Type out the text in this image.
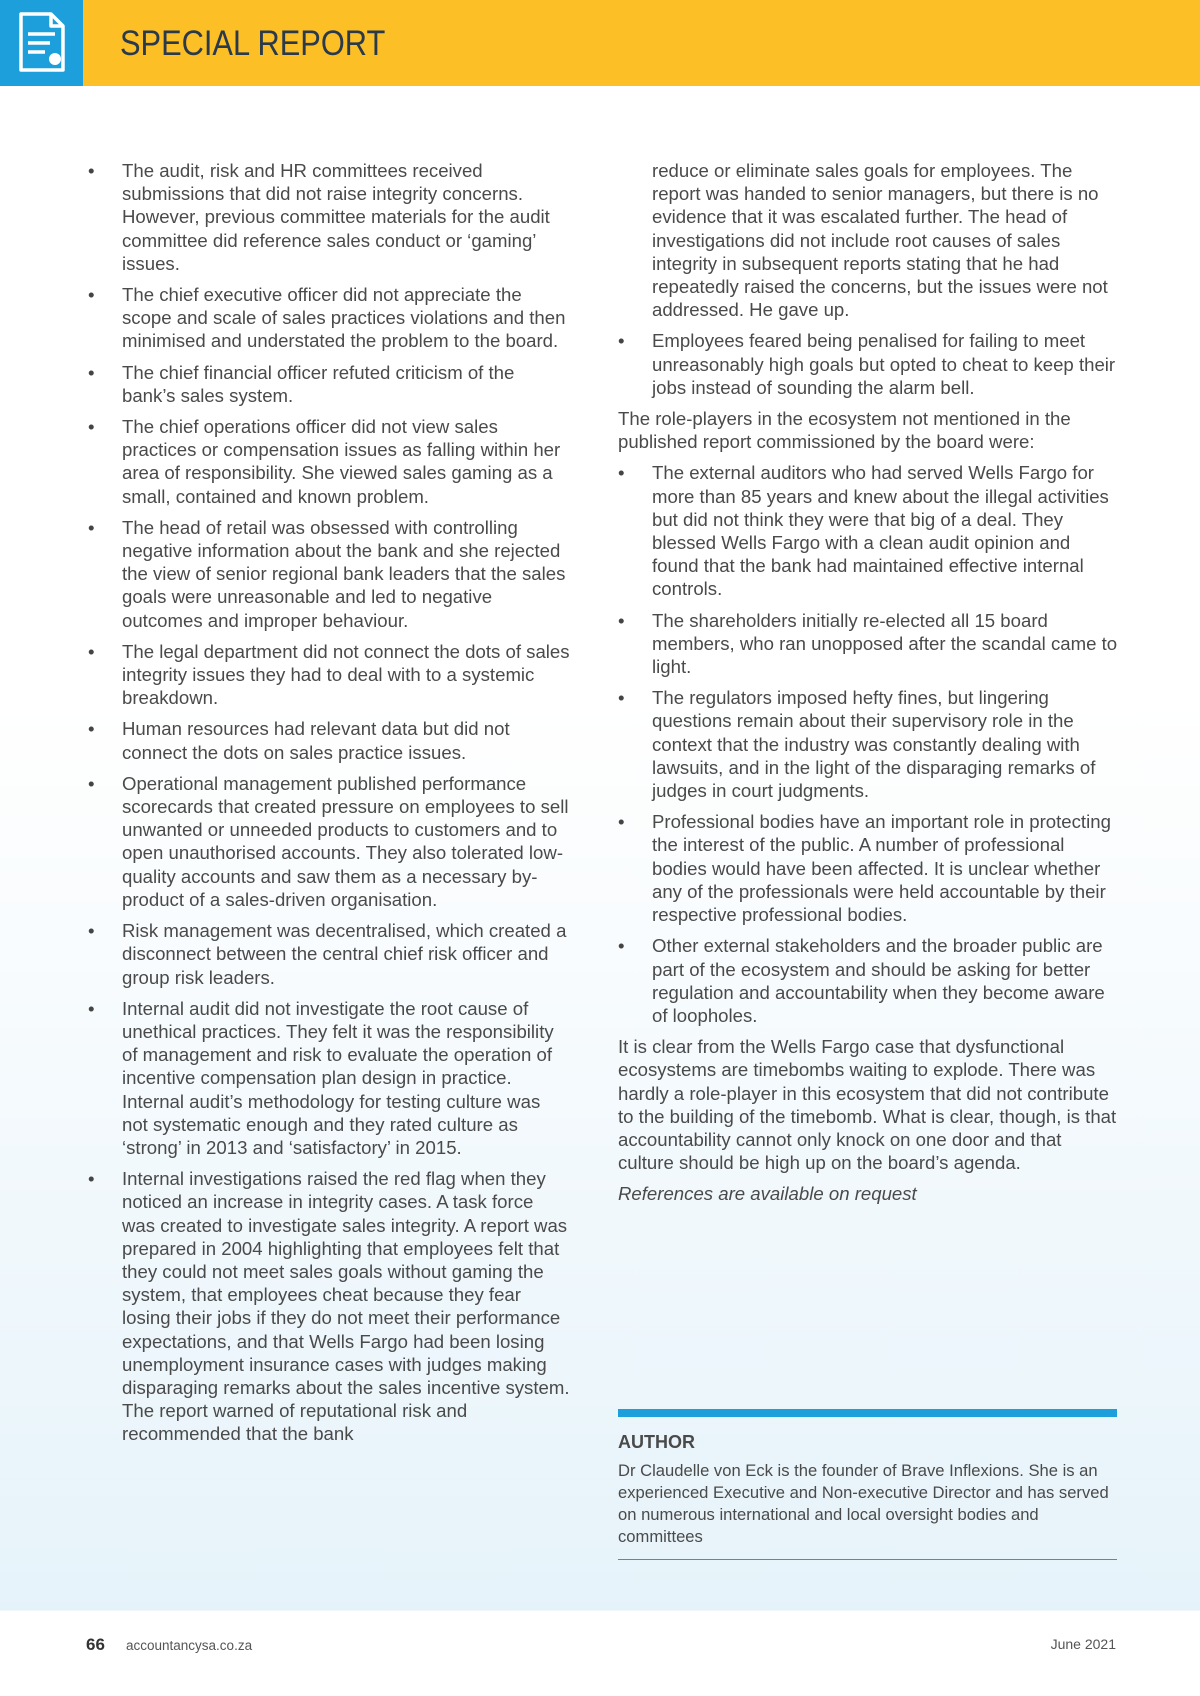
SPECIAL REPORT
• The audit, risk and HR committees received submissions that did not raise integrity concerns. However, previous committee materials for the audit committee did reference sales conduct or ‘gaming’ issues.
• The chief executive officer did not appreciate the scope and scale of sales practices violations and then minimised and understated the problem to the board.
• The chief financial officer refuted criticism of the bank’s sales system.
• The chief operations officer did not view sales practices or compensation issues as falling within her area of responsibility. She viewed sales gaming as a small, contained and known problem.
• The head of retail was obsessed with controlling negative information about the bank and she rejected the view of senior regional bank leaders that the sales goals were unreasonable and led to negative outcomes and improper behaviour.
• The legal department did not connect the dots of sales integrity issues they had to deal with to a systemic breakdown.
• Human resources had relevant data but did not connect the dots on sales practice issues.
• Operational management published performance scorecards that created pressure on employees to sell unwanted or unneeded products to customers and to open unauthorised accounts. They also tolerated low-quality accounts and saw them as a necessary by-product of a sales-driven organisation.
• Risk management was decentralised, which created a disconnect between the central chief risk officer and group risk leaders.
• Internal audit did not investigate the root cause of unethical practices. They felt it was the responsibility of management and risk to evaluate the operation of incentive compensation plan design in practice. Internal audit’s methodology for testing culture was not systematic enough and they rated culture as ‘strong’ in 2013 and ‘satisfactory’ in 2015.
• Internal investigations raised the red flag when they noticed an increase in integrity cases. A task force was created to investigate sales integrity. A report was prepared in 2004 highlighting that employees felt that they could not meet sales goals without gaming the system, that employees cheat because they fear losing their jobs if they do not meet their performance expectations, and that Wells Fargo had been losing unemployment insurance cases with judges making disparaging remarks about the sales incentive system. The report warned of reputational risk and recommended that the bank
reduce or eliminate sales goals for employees. The report was handed to senior managers, but there is no evidence that it was escalated further. The head of investigations did not include root causes of sales integrity in subsequent reports stating that he had repeatedly raised the concerns, but the issues were not addressed. He gave up.
• Employees feared being penalised for failing to meet unreasonably high goals but opted to cheat to keep their jobs instead of sounding the alarm bell.

The role-players in the ecosystem not mentioned in the published report commissioned by the board were:

• The external auditors who had served Wells Fargo for more than 85 years and knew about the illegal activities but did not think they were that big of a deal. They blessed Wells Fargo with a clean audit opinion and found that the bank had maintained effective internal controls.
• The shareholders initially re-elected all 15 board members, who ran unopposed after the scandal came to light.
• The regulators imposed hefty fines, but lingering questions remain about their supervisory role in the context that the industry was constantly dealing with lawsuits, and in the light of the disparaging remarks of judges in court judgments.
• Professional bodies have an important role in protecting the interest of the public. A number of professional bodies would have been affected. It is unclear whether any of the professionals were held accountable by their respective professional bodies.
• Other external stakeholders and the broader public are part of the ecosystem and should be asking for better regulation and accountability when they become aware of loopholes.

It is clear from the Wells Fargo case that dysfunctional ecosystems are timebombs waiting to explode. There was hardly a role-player in this ecosystem that did not contribute to the building of the timebomb. What is clear, though, is that accountability cannot only knock on one door and that culture should be high up on the board’s agenda.

References are available on request

AUTHOR
Dr Claudelle von Eck is the founder of Brave Inflexions. She is an experienced Executive and Non-executive Director and has served on numerous international and local oversight bodies and committees
66 accountancysa.co.za	June 2021
